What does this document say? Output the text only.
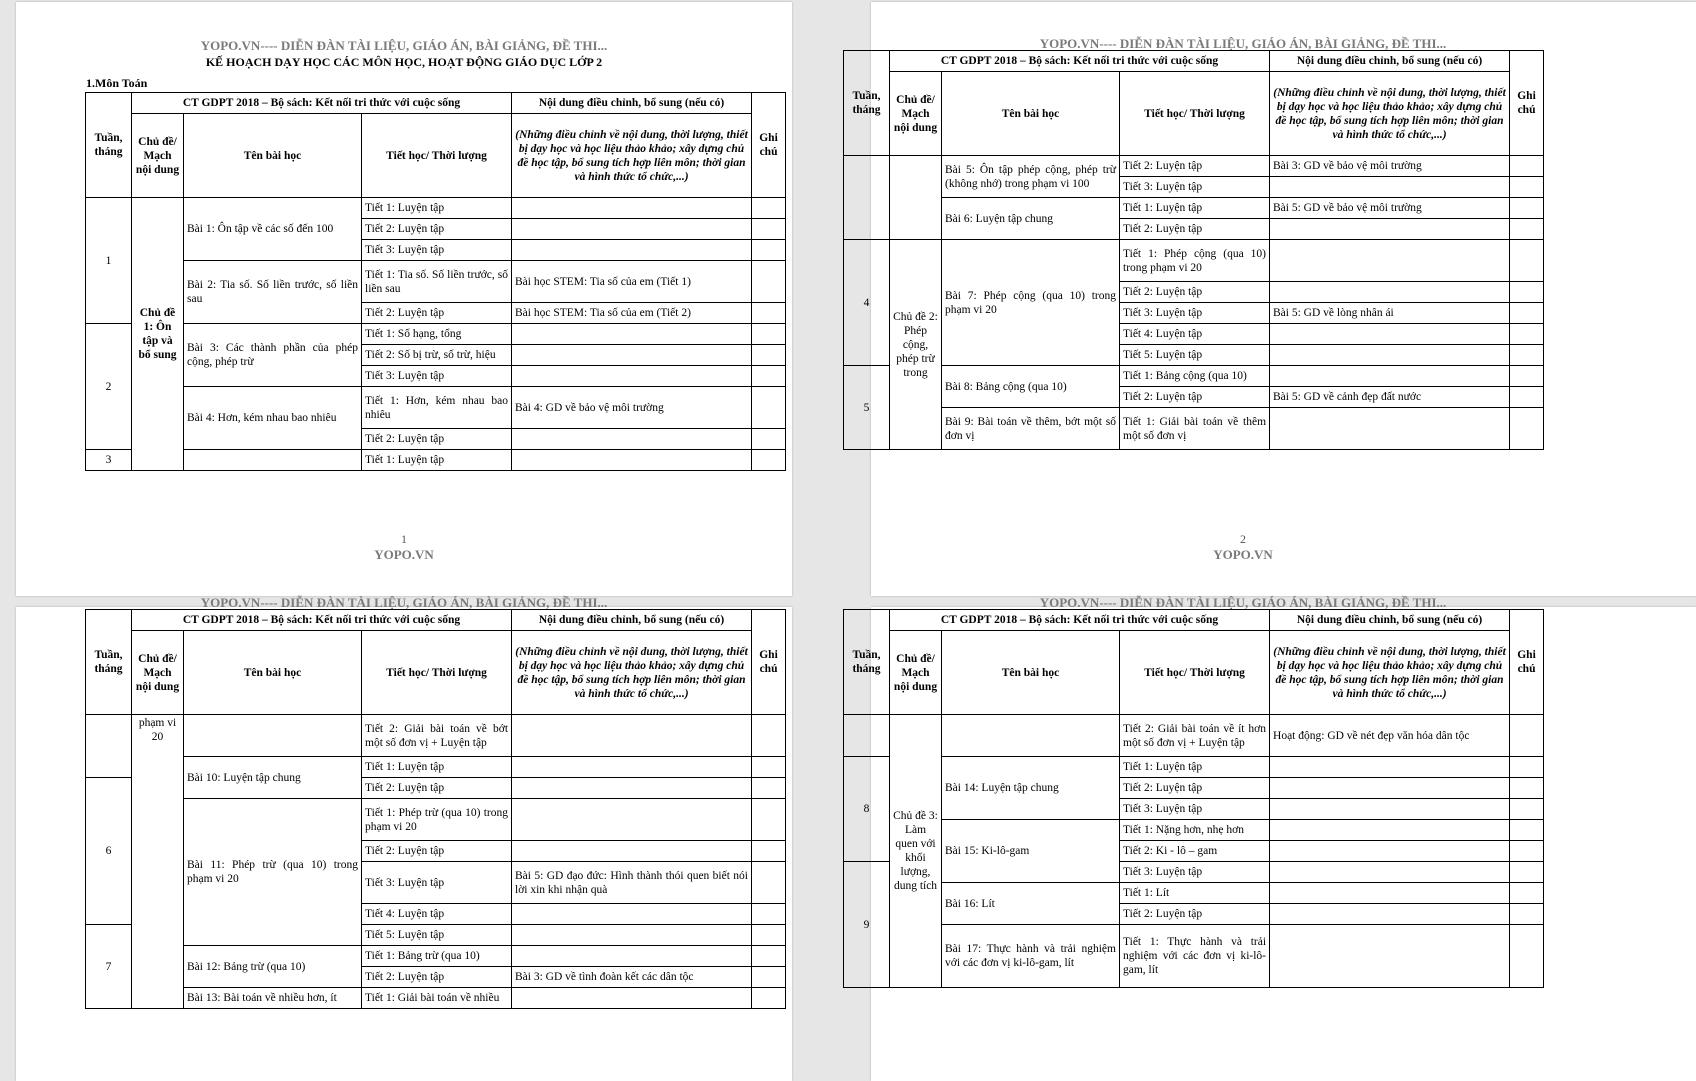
YOPO.VN---- DIỄN ĐÀN TÀI LIỆU, GIÁO ÁN, BÀI GIẢNG, ĐỀ THI...
KẾ HOẠCH DẠY HỌC CÁC MÔN HỌC, HOẠT ĐỘNG GIÁO DỤC LỚP 2
1.Môn Toán
Tuần, tháng	CT GDPT 2018 – Bộ sách: Kết nối tri thức với cuộc sống			Nội dung điều chỉnh, bổ sung (nếu có)	Ghi chú
	Chủ đề/ Mạch nội dung	Tên bài học	Tiết học/ Thời lượng	(Những điều chỉnh về nội dung, thời lượng, thiết bị dạy học và học liệu thảo khảo; xây dựng chủ đề học tập, bổ sung tích hợp liên môn; thời gian và hình thức tổ chức,...)	

1	Chủ đề 1: Ôn tập và bổ sung	Bài 1: Ôn tập về các số đến 100	Tiết 1: Luyện tập		
			Tiết 2: Luyện tập		
			Tiết 3: Luyện tập		
		Bài 2: Tia số. Số liền trước, số liền sau	Tiết 1: Tia số. Số liền trước, số liền sau	Bài học STEM: Tia số của em (Tiết 1)	

			Tiết 2: Luyện tập	Bài học STEM: Tia số của em (Tiết 2)	
2		Bài 3: Các thành phần của phép cộng, phép trừ	Tiết 1: Số hạng, tổng		
			Tiết 2: Số bị trừ, số trừ, hiệu		
			Tiết 3: Luyện tập		
		Bài 4: Hơn, kém nhau bao nhiêu	Tiết 1: Hơn, kém nhau bao nhiêu	Bài 4: GD về bảo vệ môi trường	

			Tiết 2: Luyện tập		
3			Tiết 1: Luyện tập		
1
YOPO.VN
YOPO.VN---- DIỄN ĐÀN TÀI LIỆU, GIÁO ÁN, BÀI GIẢNG, ĐỀ THI...
Tuần, tháng	CT GDPT 2018 – Bộ sách: Kết nối tri thức với cuộc sống			Nội dung điều chỉnh, bổ sung (nếu có)	Ghi chú
	Chủ đề/ Mạch nội dung	Tên bài học	Tiết học/ Thời lượng	(Những điều chỉnh về nội dung, thời lượng, thiết bị dạy học và học liệu thảo khảo; xây dựng chủ đề học tập, bổ sung tích hợp liên môn; thời gian và hình thức tổ chức,...)	

		Bài 5: Ôn tập phép cộng, phép trừ (không nhớ) trong phạm vi 100	Tiết 2: Luyện tập	Bài 3: GD về bảo vệ môi trường	
			Tiết 3: Luyện tập		
		Bài 6: Luyện tập chung	Tiết 1: Luyện tập	Bài 5: GD về bảo vệ môi trường	
			Tiết 2: Luyện tập		
4	Chủ đề 2: Phép cộng, phép trừ trong	Bài 7: Phép cộng (qua 10) trong phạm vi 20	Tiết 1: Phép cộng (qua 10) trong phạm vi 20		

			Tiết 2: Luyện tập		
			Tiết 3: Luyện tập	Bài 5: GD về lòng nhân ái	
			Tiết 4: Luyện tập		
			Tiết 5: Luyện tập		
5		Bài 8: Bảng cộng (qua 10)	Tiết 1: Bảng cộng (qua 10)		
			Tiết 2: Luyện tập	Bài 5: GD về cảnh đẹp đất nước	
		Bài 9: Bài toán về thêm, bớt một số đơn vị	Tiết 1: Giải bài toán về thêm một số đơn vị		

2
YOPO.VN
YOPO.VN---- DIỄN ĐÀN TÀI LIỆU, GIÁO ÁN, BÀI GIẢNG, ĐỀ THI...
Tuần, tháng	CT GDPT 2018 – Bộ sách: Kết nối tri thức với cuộc sống			Nội dung điều chỉnh, bổ sung (nếu có)	Ghi chú
	Chủ đề/ Mạch nội dung	Tên bài học	Tiết học/ Thời lượng	(Những điều chỉnh về nội dung, thời lượng, thiết bị dạy học và học liệu thảo khảo; xây dựng chủ đề học tập, bổ sung tích hợp liên môn; thời gian và hình thức tổ chức,...)	

	phạm vi 20		Tiết 2: Giải bài toán về bớt một số đơn vị + Luyện tập		

		Bài 10: Luyện tập chung	Tiết 1: Luyện tập		
6			Tiết 2: Luyện tập		
		Bài 11: Phép trừ (qua 10) trong phạm vi 20	Tiết 1: Phép trừ (qua 10) trong phạm vi 20		

			Tiết 2: Luyện tập		
			Tiết 3: Luyện tập	Bài 5: GD đạo đức: Hình thành thói quen biết nói lời xin khi nhận quà	

			Tiết 4: Luyện tập		
7			Tiết 5: Luyện tập		
		Bài 12: Bảng trừ (qua 10)	Tiết 1: Bảng trừ (qua 10)		
			Tiết 2: Luyện tập	Bài 3: GD về tình đoàn kết các dân tộc	
		Bài 13: Bài toán về nhiều hơn, ít	Tiết 1: Giải bài toán về nhiều		
YOPO.VN---- DIỄN ĐÀN TÀI LIỆU, GIÁO ÁN, BÀI GIẢNG, ĐỀ THI...
Tuần, tháng	CT GDPT 2018 – Bộ sách: Kết nối tri thức với cuộc sống			Nội dung điều chỉnh, bổ sung (nếu có)	Ghi chú
	Chủ đề/ Mạch nội dung	Tên bài học	Tiết học/ Thời lượng	(Những điều chỉnh về nội dung, thời lượng, thiết bị dạy học và học liệu thảo khảo; xây dựng chủ đề học tập, bổ sung tích hợp liên môn; thời gian và hình thức tổ chức,...)	

	Chủ đề 3: Làm quen với khối lượng, dung tích		Tiết 2: Giải bài toán về ít hơn một số đơn vị + Luyện tập	Hoạt động: GD về nét đẹp văn hóa dân tộc	

8		Bài 14: Luyện tập chung	Tiết 1: Luyện tập		
			Tiết 2: Luyện tập		
			Tiết 3: Luyện tập		
		Bài 15: Ki-lô-gam	Tiết 1: Nặng hơn, nhẹ hơn		
			Tiết 2: Ki - lô – gam		
9			Tiết 3: Luyện tập		
		Bài 16: Lít	Tiết 1: Lít		
			Tiết 2: Luyện tập		
		Bài 17: Thực hành và trải nghiệm với các đơn vị ki-lô-gam, lít	Tiết 1: Thực hành và trải nghiệm với các đơn vị ki-lô-gam, lít		
